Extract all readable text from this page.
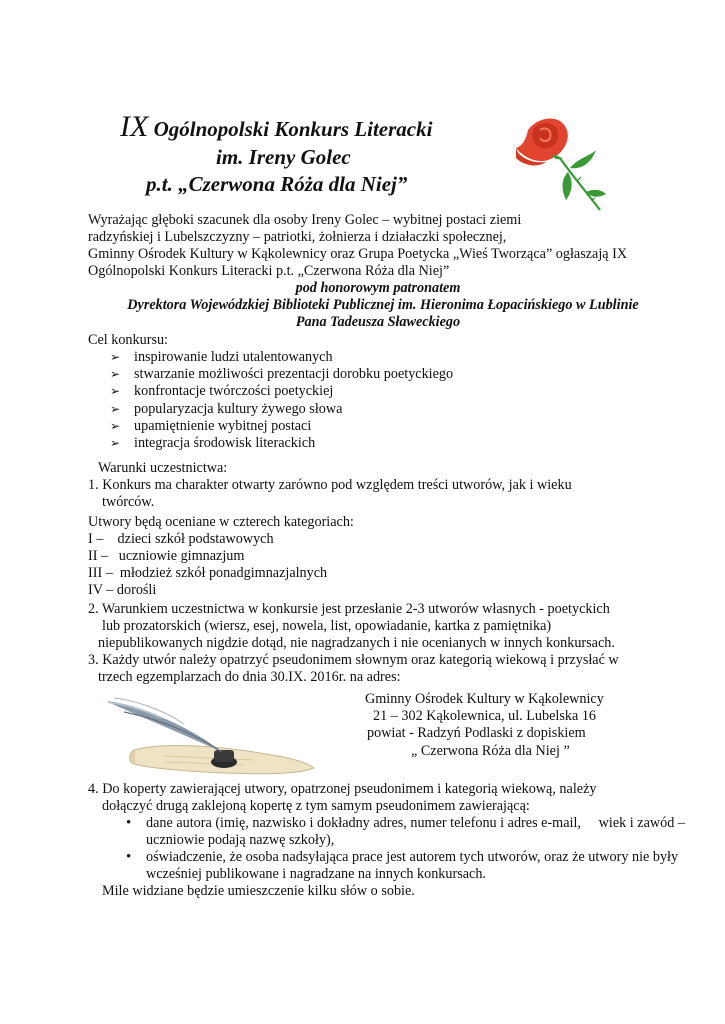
IX Ogólnopolski Konkurs Literacki
im. Ireny Golec
p.t. „Czerwona Róża dla Niej”
Wyrażając głęboki szacunek dla osoby Ireny Golec – wybitnej postaci ziemi
radzyńskiej i Lubelszczyzny – patriotki, żołnierza i działaczki społecznej,
Gminny Ośrodek Kultury w Kąkolewnicy oraz Grupa Poetycka „Wieś Tworząca” ogłaszają IX
Ogólnopolski Konkurs Literacki p.t. „Czerwona Róża dla Niej”
pod honorowym patronatem
Dyrektora Wojewódzkiej Biblioteki Publicznej im. Hieronima Łopacińskiego w Lublinie
Pana Tadeusza Sławeckiego
Cel konkursu:
➢ inspirowanie ludzi utalentowanych
➢ stwarzanie możliwości prezentacji dorobku poetyckiego
➢ konfrontacje twórczości poetyckiej
➢ popularyzacja kultury żywego słowa
➢ upamiętnienie wybitnej postaci
➢ integracja środowisk literackich
Warunki uczestnictwa:
1. Konkurs ma charakter otwarty zarówno pod względem treści utworów, jak i wieku
twórców.
Utwory będą oceniane w czterech kategoriach:
I –    dzieci szkół podstawowych
II –   uczniowie gimnazjum
III –  młodzież szkół ponadgimnazjalnych
IV – dorośli
2. Warunkiem uczestnictwa w konkursie jest przesłanie 2-3 utworów własnych - poetyckich
lub prozatorskich (wiersz, esej, nowela, list, opowiadanie, kartka z pamiętnika)
niepublikowanych nigdzie dotąd, nie nagradzanych i nie ocenianych w innych konkursach.
3. Każdy utwór należy opatrzyć pseudonimem słownym oraz kategorią wiekową i przysłać w
trzech egzemplarzach do dnia 30.IX. 2016r. na adres:
Gminny Ośrodek Kultury w Kąkolewnicy
21 – 302 Kąkolewnica, ul. Lubelska 16
powiat - Radzyń Podlaski z dopiskiem
„ Czerwona Róża dla Niej ”
4. Do koperty zawierającej utwory, opatrzonej pseudonimem i kategorią wiekową, należy
dołączyć drugą zaklejoną kopertę z tym samym pseudonimem zawierającą:
• dane autora (imię, nazwisko i dokładny adres, numer telefonu i adres e-mail,     wiek i zawód – uczniowie podają nazwę szkoły),
• oświadczenie, że osoba nadsyłająca prace jest autorem tych utworów, oraz że utwory nie były wcześniej publikowane i nagradzane na innych konkursach.
Mile widziane będzie umieszczenie kilku słów o sobie.
